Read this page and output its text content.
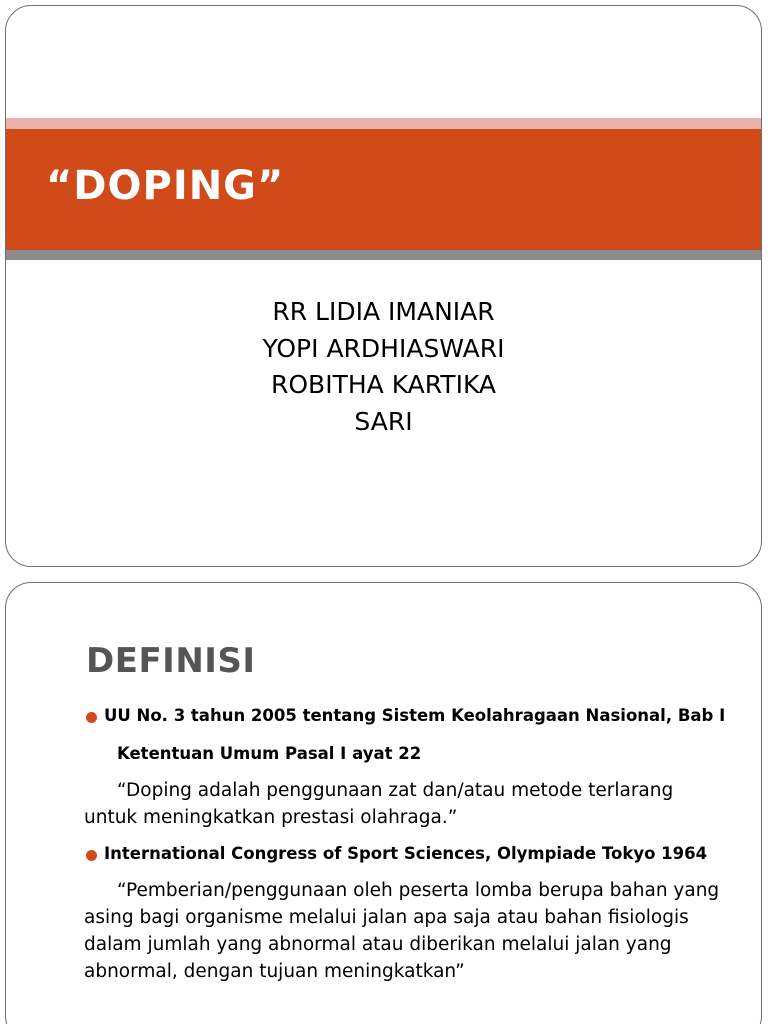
“DOPING”
RR LIDIA IMANIAR
YOPI ARDHIASWARI
ROBITHA KARTIKA
SARI
DEFINISI
UU No. 3 tahun 2005 tentang Sistem Keolahragaan Nasional, Bab I
Ketentuan Umum Pasal I ayat 22
“Doping adalah penggunaan zat dan/atau metode terlarang untuk meningkatkan prestasi olahraga.”
International Congress of Sport Sciences, Olympiade Tokyo 1964
“Pemberian/penggunaan oleh peserta lomba berupa bahan yang asing bagi organisme melalui jalan apa saja atau bahan fisiologis dalam jumlah yang abnormal atau diberikan melalui jalan yang abnormal, dengan tujuan meningkatkan”
